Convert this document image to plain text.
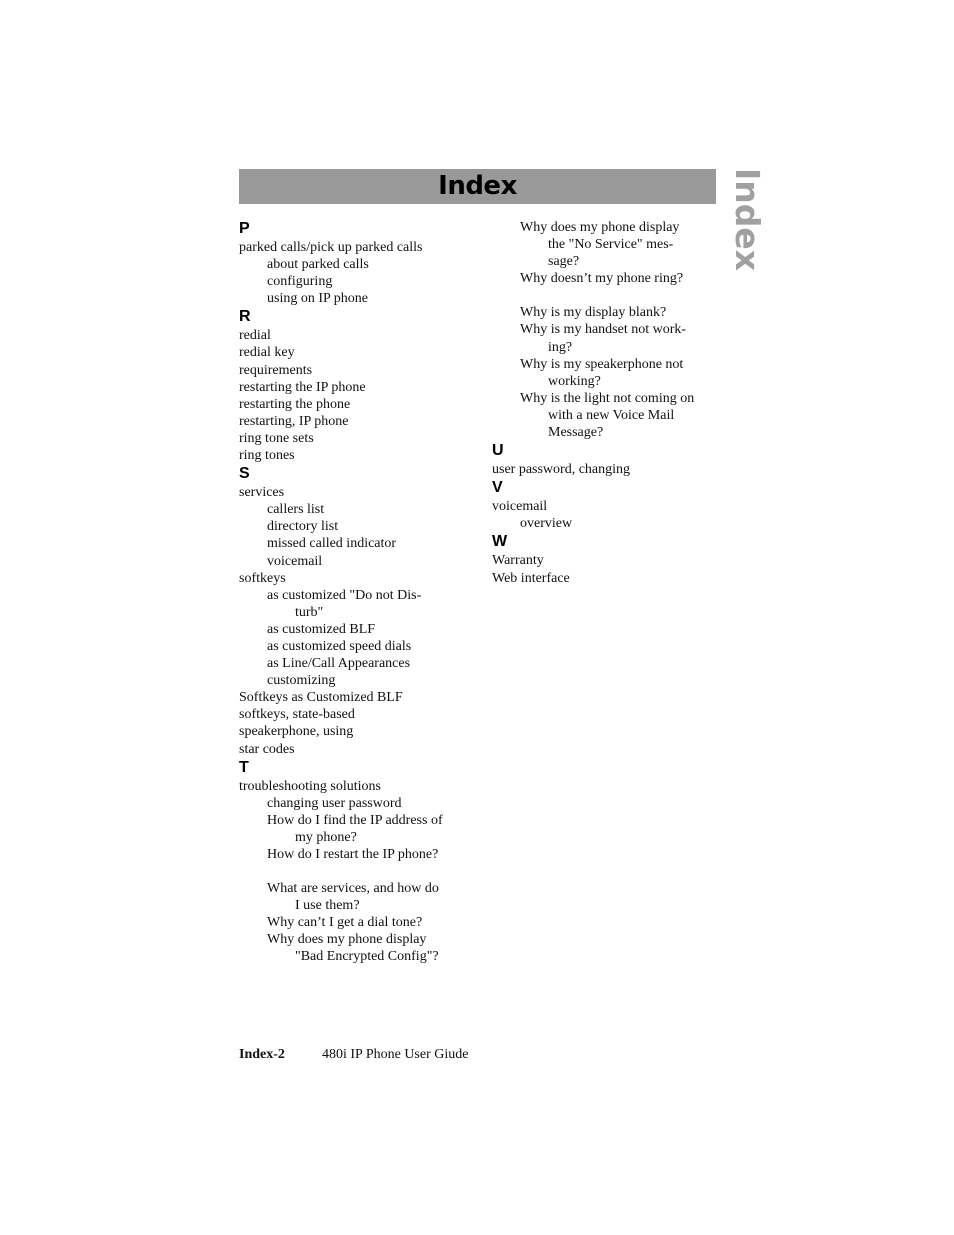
Index	Index
P
parked calls/pick up parked calls
about parked calls
configuring
using on IP phone
R
redial
redial key
requirements
restarting the IP phone
restarting the phone
restarting, IP phone
ring tone sets
ring tones
S
services
callers list
directory list
missed called indicator
voicemail
softkeys
as customized "Do not Dis-
turb"
as customized BLF
as customized speed dials
as Line/Call Appearances
customizing
Softkeys as Customized BLF
softkeys, state-based
speakerphone, using
star codes
T
troubleshooting solutions
changing user password
How do I find the IP address of
my phone?
How do I restart the IP phone?
What are services, and how do
I use them?
Why can’t I get a dial tone?
Why does my phone display
"Bad Encrypted Config"?
Why does my phone display
the "No Service" mes-
sage?
Why doesn’t my phone ring?
Why is my display blank?
Why is my handset not work-
ing?
Why is my speakerphone not
working?
Why is the light not coming on
with a new Voice Mail
Message?
U
user password, changing
V
voicemail
overview
W
Warranty
Web interface
Index-2	480i IP Phone User Giude
